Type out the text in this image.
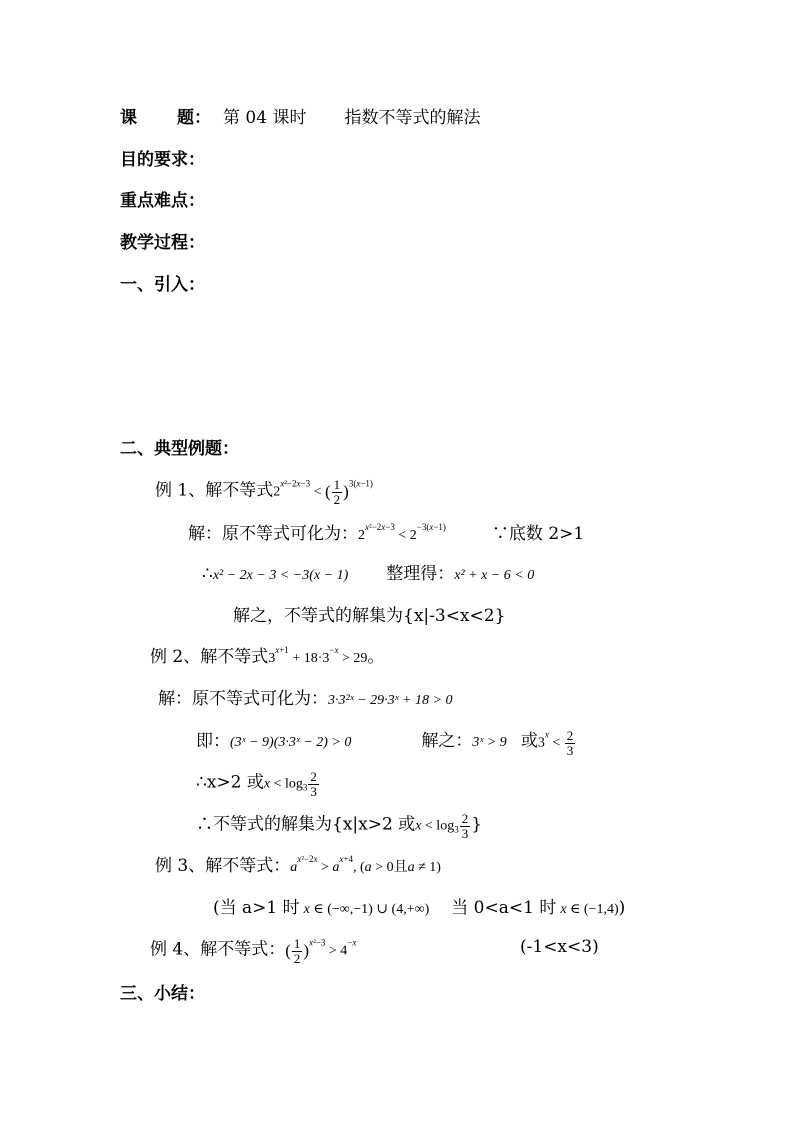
课 题： 第 04 课时 指数不等式的解法
目的要求：
重点难点：
教学过程：
一、引入：
二、典型例题：
例 1、解不等式$2^{x^2-2x-3}$ < ( $\frac{1}{2} )^{3(x-1)}$
解：原不等式可化为：$2^{x^2-2x-3} < 2^{-3(x-1)}$	∵底数 2>1
∴x² − 2x − 3 < −3(x − 1) 整理得：x² + x − 6 < 0
解之，不等式的解集为{x|-3<x<2}
例 2、解不等式$3^{x+1} + 18\cdot 3^{-x} > 29$。
解：原不等式可化为：3·3²ˣ − 29·3ˣ + 18 > 0
即：(3ˣ − 9)(3·3ˣ − 2) > 0	解之：3ˣ > 9 或$3^x < \frac{2}{3}$
∴x>2 或$x < \log_3 \frac{2}{3}$
∴不等式的解集为{x|x>2 或$x < \log_3 \frac{2}{3}$ }
例 3、解不等式：$a^{x^2-2x} > a^{x+4}$, (a > 0且a ≠ 1)
(当 a>1 时 x ∈ (−∞,−1) ∪ (4,+∞) 当 0<a<1 时 x ∈ (−1,4))
例 4、解不等式：( $\frac{1}{2} )^{x^2-3} > 4^{-x}$	(-1<x<3)
三、小结：
